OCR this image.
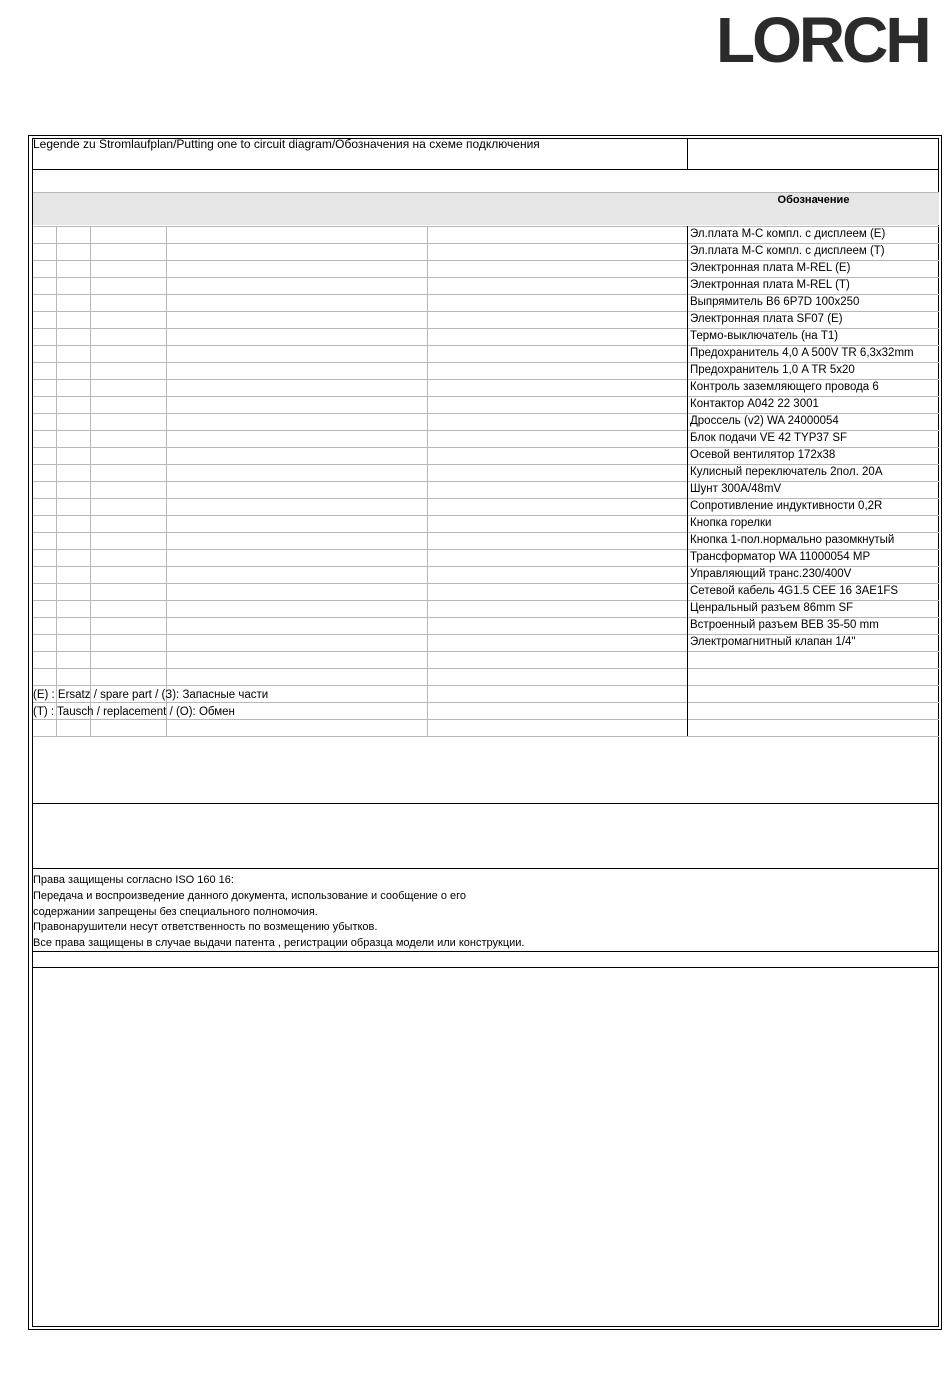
LORCH
Legende zu Stromlaufplan/Putting one to circuit diagram/Обозначения на схеме подключения
Обозначение
Эл.плата M-C компл. с дисплеем (E)
Эл.плата M-C компл. с дисплеем (T)
Электронная плата M-REL (E)
Электронная плата M-REL (T)
Выпрямитель B6 6P7D 100x250
Электронная плата SF07 (E)
Термо-выключатель (на T1)
Предохранитель 4,0 A 500V TR 6,3x32mm
Предохранитель 1,0 A TR 5x20
Контроль заземляющего провода 6
Контактор A042 22 3001
Дроссель (v2) WA 24000054
Блок подачи VE 42 TYP37 SF
Осевой вентилятор 172x38
Кулисный переключатель 2пол. 20A
Шунт 300A/48mV
Сопротивление индуктивности 0,2R
Кнопка горелки
Кнопка 1-пол.нормально разомкнутый
Трансформатор WA 11000054 MP
Управляющий транс.230/400V
Сетевой кабель 4G1.5 CEE 16 3AE1FS
Ценральный разъем 86mm SF
Встроенный разъем BEB 35-50 mm
Электромагнитный клапан 1/4"
(E) : Ersatz / spare part / (З): Запасные части
(T) : Tausch / replacement / (O): Обмен
Права защищены согласно ISO 160 16:
Передача и воспроизведение данного документа, использование и сообщение о его
содержании запрещены без специального полномочия.
Правонарушители несут ответственность по возмещению убытков.
Все права защищены в случае выдачи патента , регистрации образца модели или конструкции.
